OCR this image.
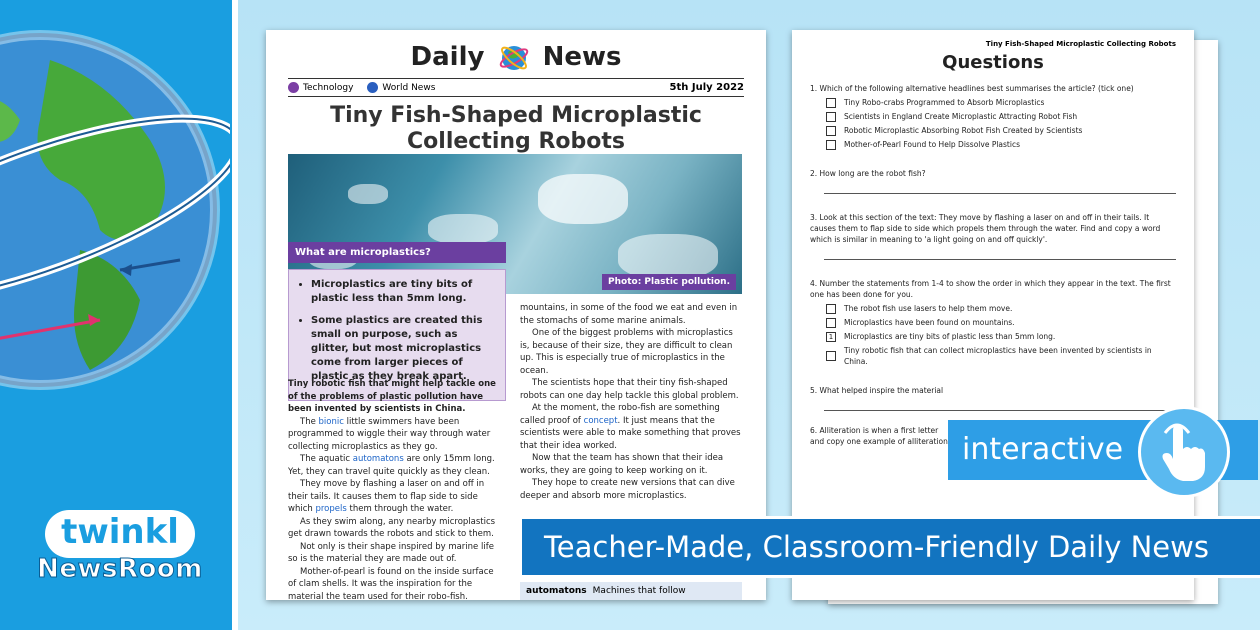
twinkl
NewsRoom
Daily News
Technology	World News	5th July 2022
Tiny Fish-Shaped Microplastic Collecting Robots
Photo: Plastic pollution.
What are microplastics?
• Microplastics are tiny bits of plastic less than 5mm long.
• Some plastics are created this small on purpose, such as glitter, but most microplastics come from larger pieces of plastic as they break apart.

Tiny robotic fish that might help tackle one of the problems of plastic pollution have been invented by scientists in China.

The bionic little swimmers have been programmed to wiggle their way through water collecting microplastics as they go.

The aquatic automatons are only 15mm long. Yet, they can travel quite quickly as they clean.

They move by flashing a laser on and off in their tails. It causes them to flap side to side which propels them through the water.

As they swim along, any nearby microplastics get drawn towards the robots and stick to them.

Not only is their shape inspired by marine life so is the material they are made out of.

Mother-of-pearl is found on the inside surface of clam shells. It was the inspiration for the material the team used for their robo-fish.

mountains, in some of the food we eat and even in the stomachs of some marine animals.

One of the biggest problems with microplastics is, because of their size, they are difficult to clean up. This is especially true of microplastics in the ocean.

The scientists hope that their tiny fish-shaped robots can one day help tackle this global problem.

At the moment, the robo-fish are something called proof of concept. It just means that the scientists were able to make something that proves that their idea worked.

Now that the team has shown that their idea works, they are going to keep working on it.

They hope to create new versions that can dive deeper and absorb more microplastics.

automatons Machines that follow
Tiny Fish-Shaped Microplastic Collecting Robots
Questions
1. Which of the following alternative headlines best summarises the article? (tick one)
Tiny Robo-crabs Programmed to Absorb Microplastics
Scientists in England Create Microplastic Attracting Robot Fish
Robotic Microplastic Absorbing Robot Fish Created by Scientists
Mother-of-Pearl Found to Help Dissolve Plastics
2. How long are the robot fish?
3. Look at this section of the text: They move by flashing a laser on and off in their tails. It causes them to flap side to side which propels them through the water. Find and copy a word which is similar in meaning to 'a light going on and off quickly'.
4. Number the statements from 1-4 to show the order in which they appear in the text. The first one has been done for you.
The robot fish use lasers to help them move.
Microplastics have been found on mountains.
1	Microplastics are tiny bits of plastic less than 5mm long.
Tiny robotic fish that can collect microplastics have been invented by scientists in China.
5. What helped inspire the material
6. Alliteration is when a first letter
and copy one example of alliteration interactive
Teacher-Made, Classroom-Friendly Daily News
